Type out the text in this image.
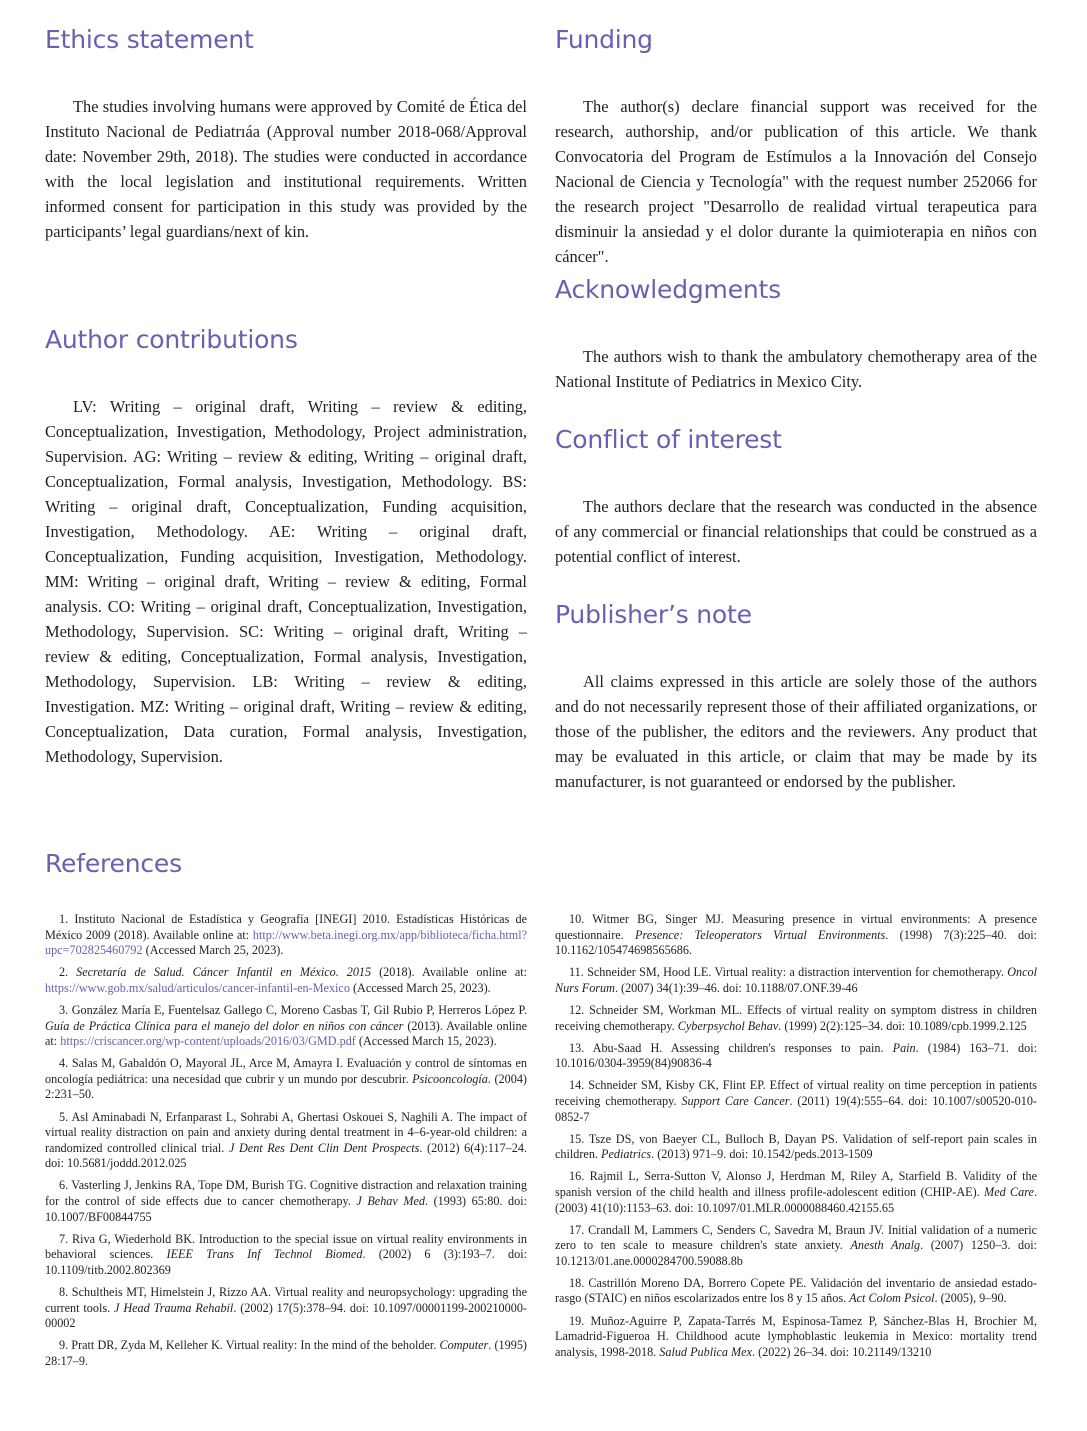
Ethics statement

The studies involving humans were approved by Comité de Ética del Instituto Nacional de Pediatrıáa (Approval number 2018-068/Approval date: November 29th, 2018). The studies were conducted in accordance with the local legislation and institutional requirements. Written informed consent for participation in this study was provided by the participants’ legal guardians/next of kin.

Author contributions

LV: Writing – original draft, Writing – review & editing, Conceptualization, Investigation, Methodology, Project administration, Supervision. AG: Writing – review & editing, Writing – original draft, Conceptualization, Formal analysis, Investigation, Methodology. BS: Writing – original draft, Conceptualization, Funding acquisition, Investigation, Methodology. AE: Writing – original draft, Conceptualization, Funding acquisition, Investigation, Methodology. MM: Writing – original draft, Writing – review & editing, Formal analysis. CO: Writing – original draft, Conceptualization, Investigation, Methodology, Supervision. SC: Writing – original draft, Writing – review & editing, Conceptualization, Formal analysis, Investigation, Methodology, Supervision. LB: Writing – review & editing, Investigation. MZ: Writing – original draft, Writing – review & editing, Conceptualization, Data curation, Formal analysis, Investigation, Methodology, Supervision.

Funding

The author(s) declare financial support was received for the research, authorship, and/or publication of this article. We thank Convocatoria del Program de Estímulos a la Innovación del Consejo Nacional de Ciencia y Tecnología" with the request number 252066 for the research project "Desarrollo de realidad virtual terapeutica para disminuir la ansiedad y el dolor durante la quimioterapia en niños con cáncer".

Acknowledgments

The authors wish to thank the ambulatory chemotherapy area of the National Institute of Pediatrics in Mexico City.

Conflict of interest

The authors declare that the research was conducted in the absence of any commercial or financial relationships that could be construed as a potential conflict of interest.

Publisher’s note

All claims expressed in this article are solely those of the authors and do not necessarily represent those of their affiliated organizations, or those of the publisher, the editors and the reviewers. Any product that may be evaluated in this article, or claim that may be made by its manufacturer, is not guaranteed or endorsed by the publisher.

References

1. Instituto Nacional de Estadística y Geografía [INEGI] 2010. Estadísticas Históricas de México 2009 (2018). Available online at: http://www.beta.inegi.org.mx/app/biblioteca/ficha.html?upc=702825460792 (Accessed March 25, 2023).

2. Secretaría de Salud. Cáncer Infantil en México. 2015 (2018). Available online at: https://www.gob.mx/salud/articulos/cancer-infantil-en-Mexico (Accessed March 25, 2023).

3. González María E, Fuentelsaz Gallego C, Moreno Casbas T, Gil Rubio P, Herreros López P. Guía de Práctica Clínica para el manejo del dolor en niños con cáncer (2013). Available online at: https://criscancer.org/wp-content/uploads/2016/03/GMD.pdf (Accessed March 15, 2023).

4. Salas M, Gabaldón O, Mayoral JL, Arce M, Amayra I. Evaluación y control de síntomas en oncología pediátrica: una necesidad que cubrir y un mundo por descubrir. Psicooncología. (2004) 2:231–50.

5. Asl Aminabadi N, Erfanparast L, Sohrabi A, Ghertasi Oskouei S, Naghili A. The impact of virtual reality distraction on pain and anxiety during dental treatment in 4–6-year-old children: a randomized controlled clinical trial. J Dent Res Dent Clin Dent Prospects. (2012) 6(4):117–24. doi: 10.5681/joddd.2012.025

6. Vasterling J, Jenkins RA, Tope DM, Burish TG. Cognitive distraction and relaxation training for the control of side effects due to cancer chemotherapy. J Behav Med. (1993) 65:80. doi: 10.1007/BF00844755

7. Riva G, Wiederhold BK. Introduction to the special issue on virtual reality environments in behavioral sciences. IEEE Trans Inf Technol Biomed. (2002) 6 (3):193–7. doi: 10.1109/titb.2002.802369

8. Schultheis MT, Himelstein J, Rizzo AA. Virtual reality and neuropsychology: upgrading the current tools. J Head Trauma Rehabil. (2002) 17(5):378–94. doi: 10.1097/00001199-200210000-00002

9. Pratt DR, Zyda M, Kelleher K. Virtual reality: In the mind of the beholder. Computer. (1995) 28:17–9.

10. Witmer BG, Singer MJ. Measuring presence in virtual environments: A presence questionnaire. Presence: Teleoperators Virtual Environments. (1998) 7(3):225–40. doi: 10.1162/105474698565686.

11. Schneider SM, Hood LE. Virtual reality: a distraction intervention for chemotherapy. Oncol Nurs Forum. (2007) 34(1):39–46. doi: 10.1188/07.ONF.39-46

12. Schneider SM, Workman ML. Effects of virtual reality on symptom distress in children receiving chemotherapy. Cyberpsychol Behav. (1999) 2(2):125–34. doi: 10.1089/cpb.1999.2.125

13. Abu-Saad H. Assessing children's responses to pain. Pain. (1984) 163–71. doi: 10.1016/0304-3959(84)90836-4

14. Schneider SM, Kisby CK, Flint EP. Effect of virtual reality on time perception in patients receiving chemotherapy. Support Care Cancer. (2011) 19(4):555–64. doi: 10.1007/s00520-010-0852-7

15. Tsze DS, von Baeyer CL, Bulloch B, Dayan PS. Validation of self-report pain scales in children. Pediatrics. (2013) 971–9. doi: 10.1542/peds.2013-1509

16. Rajmil L, Serra-Sutton V, Alonso J, Herdman M, Riley A, Starfield B. Validity of the spanish version of the child health and illness profile-adolescent edition (CHIP-AE). Med Care. (2003) 41(10):1153–63. doi: 10.1097/01.MLR.0000088460.42155.65

17. Crandall M, Lammers C, Senders C, Savedra M, Braun JV. Initial validation of a numeric zero to ten scale to measure children's state anxiety. Anesth Analg. (2007) 1250–3. doi: 10.1213/01.ane.0000284700.59088.8b

18. Castrillón Moreno DA, Borrero Copete PE. Validación del inventario de ansiedad estado-rasgo (STAIC) en niños escolarizados entre los 8 y 15 años. Act Colom Psicol. (2005), 9–90.

19. Muñoz-Aguirre P, Zapata-Tarrés M, Espinosa-Tamez P, Sánchez-Blas H, Brochier M, Lamadrid-Figueroa H. Childhood acute lymphoblastic leukemia in Mexico: mortality trend analysis, 1998-2018. Salud Publica Mex. (2022) 26–34. doi: 10.21149/13210
